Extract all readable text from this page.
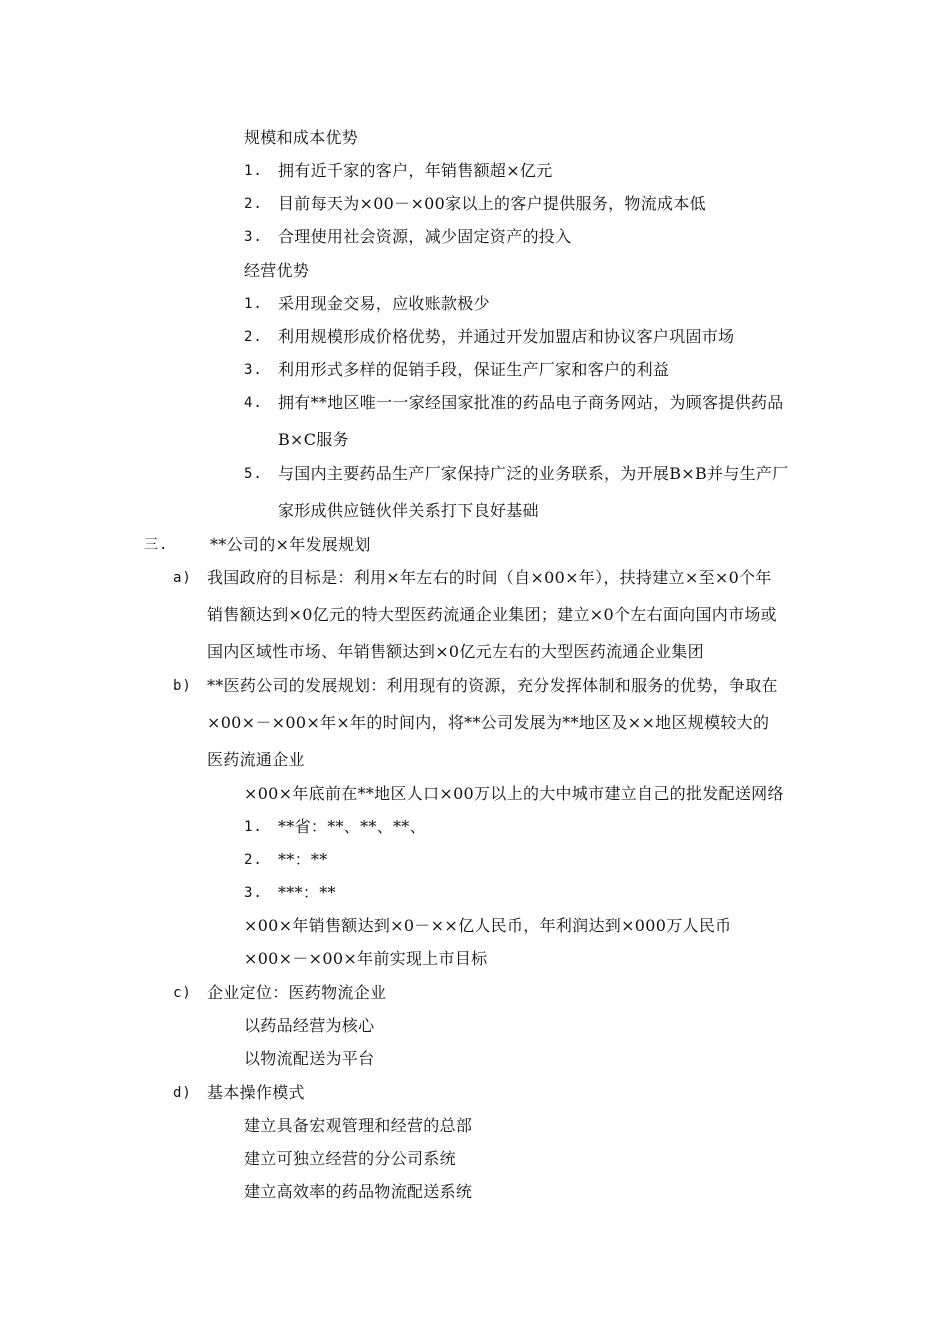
规模和成本优势
1. 拥有近千家的客户，年销售额超×亿元
2. 目前每天为×00－×00家以上的客户提供服务，物流成本低
3. 合理使用社会资源，减少固定资产的投入
经营优势
1. 采用现金交易，应收账款极少
2. 利用规模形成价格优势，并通过开发加盟店和协议客户巩固市场
3. 利用形式多样的促销手段，保证生产厂家和客户的利益
4. 拥有**地区唯一一家经国家批准的药品电子商务网站，为顾客提供药品
B×C服务
5. 与国内主要药品生产厂家保持广泛的业务联系，为开展B×B并与生产厂
家形成供应链伙伴关系打下良好基础
三.	**公司的×年发展规划
a) 我国政府的目标是：利用×年左右的时间（自×00×年），扶持建立×至×0个年
销售额达到×0亿元的特大型医药流通企业集团；建立×0个左右面向国内市场或
国内区域性市场、年销售额达到×0亿元左右的大型医药流通企业集团
b) **医药公司的发展规划：利用现有的资源，充分发挥体制和服务的优势，争取在
×00×－×00×年×年的时间内，将**公司发展为**地区及××地区规模较大的
医药流通企业
×00×年底前在**地区人口×00万以上的大中城市建立自己的批发配送网络
1. **省：**、**、**、
2. **：**
3. ***：**
×00×年销售额达到×0－××亿人民币，年利润达到×000万人民币
×00×－×00×年前实现上市目标
c) 企业定位：医药物流企业
以药品经营为核心
以物流配送为平台
d) 基本操作模式
建立具备宏观管理和经营的总部
建立可独立经营的分公司系统
建立高效率的药品物流配送系统
